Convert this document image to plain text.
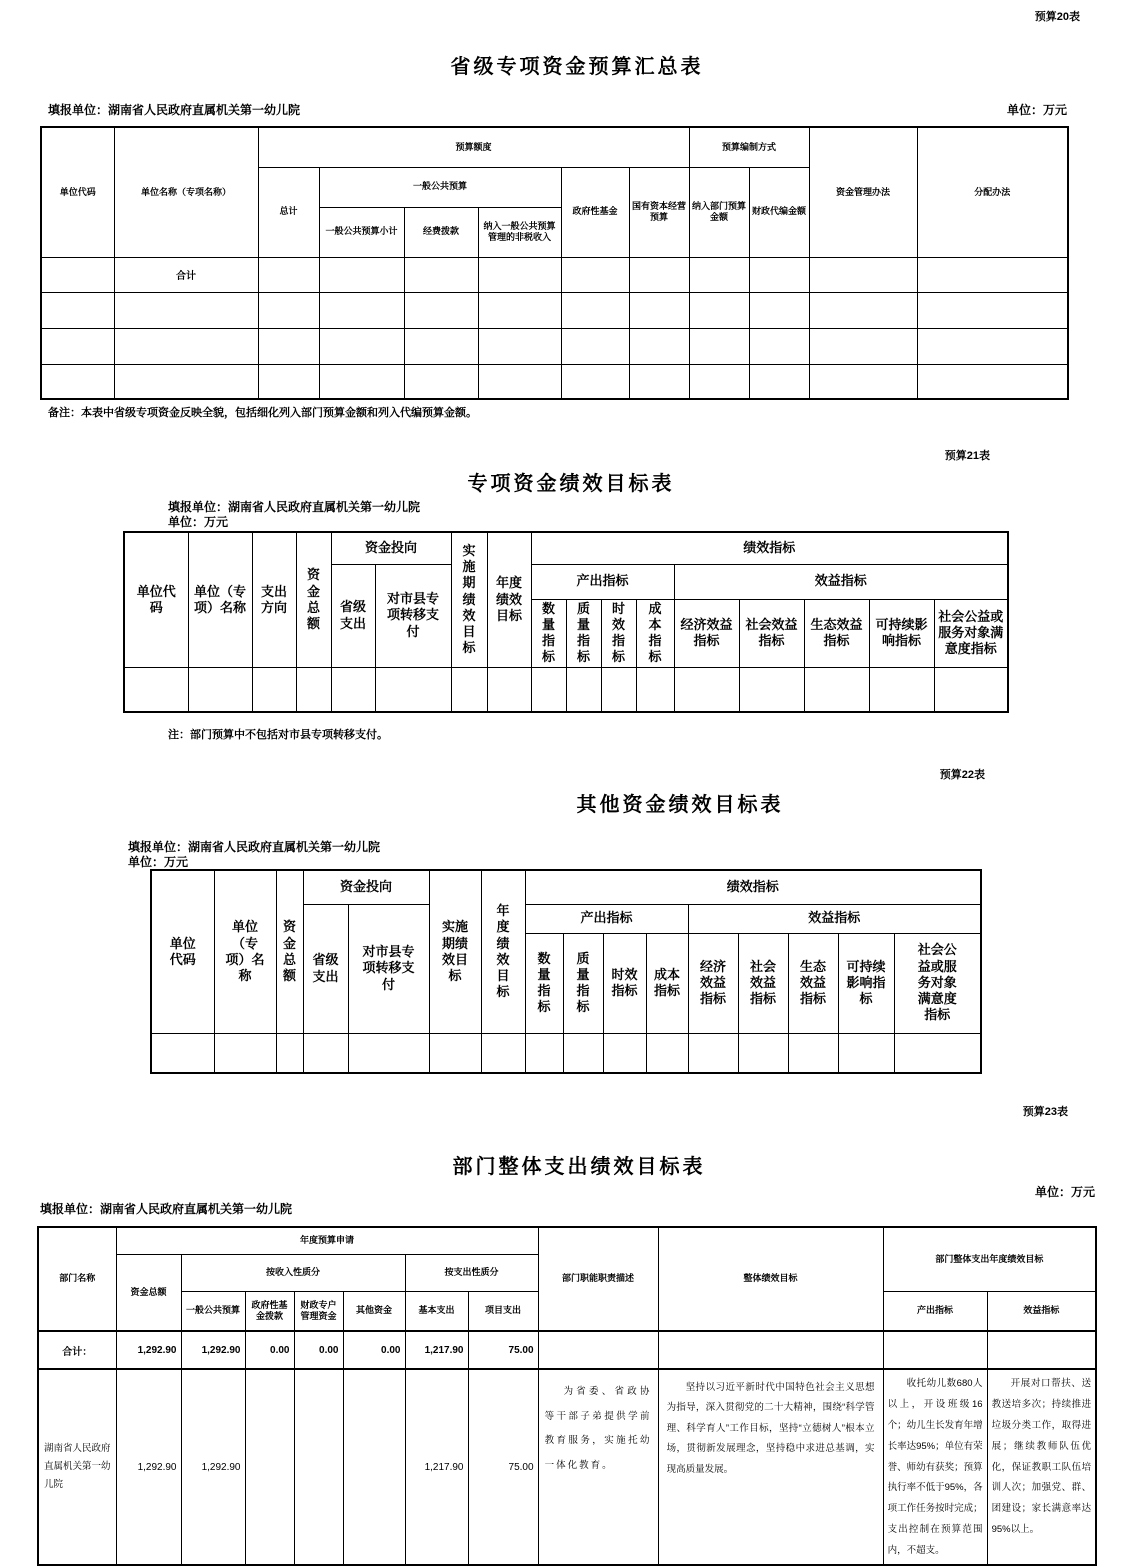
预算20表
省级专项资金预算汇总表
填报单位：湖南省人民政府直属机关第一幼儿院	单位：万元
单位代码	单位名称（专项名称）	预算额度						预算编制方式		资金管理办法	分配办法
		总计	一般公共预算			政府性基金	国有资本经营预算	纳入部门预算金额	财政代编金额		
			一般公共预算小计	经费拨款	纳入一般公共预算管理的非税收入						
	合计										

备注：本表中省级专项资金反映全貌，包括细化列入部门预算金额和列入代编预算金额。
预算21表
专项资金绩效目标表
填报单位：湖南省人民政府直属机关第一幼儿院
单位：万元
单位代码	单位（专项）名称	支出方向	资金总额	资金投向		实施期绩效目标	年度绩效目标	绩效指标								

				省级支出	对市县专项转移支付			产出指标				效益指标				

								数量指标	质量指标	时效指标	成本指标	经济效益指标	社会效益指标	生态效益指标	可持续影响指标	社会公益或服务对象满意度指标

注：部门预算中不包括对市县专项转移支付。
预算22表
其他资金绩效目标表
填报单位：湖南省人民政府直属机关第一幼儿院
单位：万元
单位代码	单位（专项）名称	资金总额	资金投向		实施期绩效目标	年度绩效目标	绩效指标								

			省级支出	对市县专项转移支付			产出指标				效益指标				

							数量指标	质量指标	时效指标	成本指标	经济效益指标	社会效益指标	生态效益指标	可持续影响指标	社会公益或服务对象满意度指标

预算23表
部门整体支出绩效目标表
单位：万元
填报单位：湖南省人民政府直属机关第一幼儿院
部门名称	年度预算申请							部门职能职责描述	整体绩效目标	部门整体支出年度绩效目标	
	资金总额	按收入性质分				按支出性质分					
		一般公共预算	政府性基金拨款	财政专户管理资金	其他资金	基本支出	项目支出			产出指标	效益指标
合计：	1,292.90	1,292.90	0.00	0.00	0.00	1,217.90	75.00				
湖南省人民政府直属机关第一幼儿院	1,292.90	1,292.90				1,217.90	75.00	为省委、省政协等干部子弟提供学前教育服务，实施托幼一体化教育。	坚持以习近平新时代中国特色社会主义思想为指导，深入贯彻党的二十大精神，围绕“科学管理、科学育人”工作目标，坚持“立德树人”根本立场，贯彻新发展理念，坚持稳中求进总基调，实现高质量发展。	收托幼儿数680人以上，开设班级16个；幼儿生长发育年增长率达95%；单位有荣誉、师幼有获奖；预算执行率不低于95%，各项工作任务按时完成；支出控制在预算范围内，不超支。	开展对口帮扶、送教送培多次；持续推进垃圾分类工作，取得进展；继续教师队伍优化，保证教职工队伍培训人次；加强党、群、团建设；家长满意率达95%以上。
